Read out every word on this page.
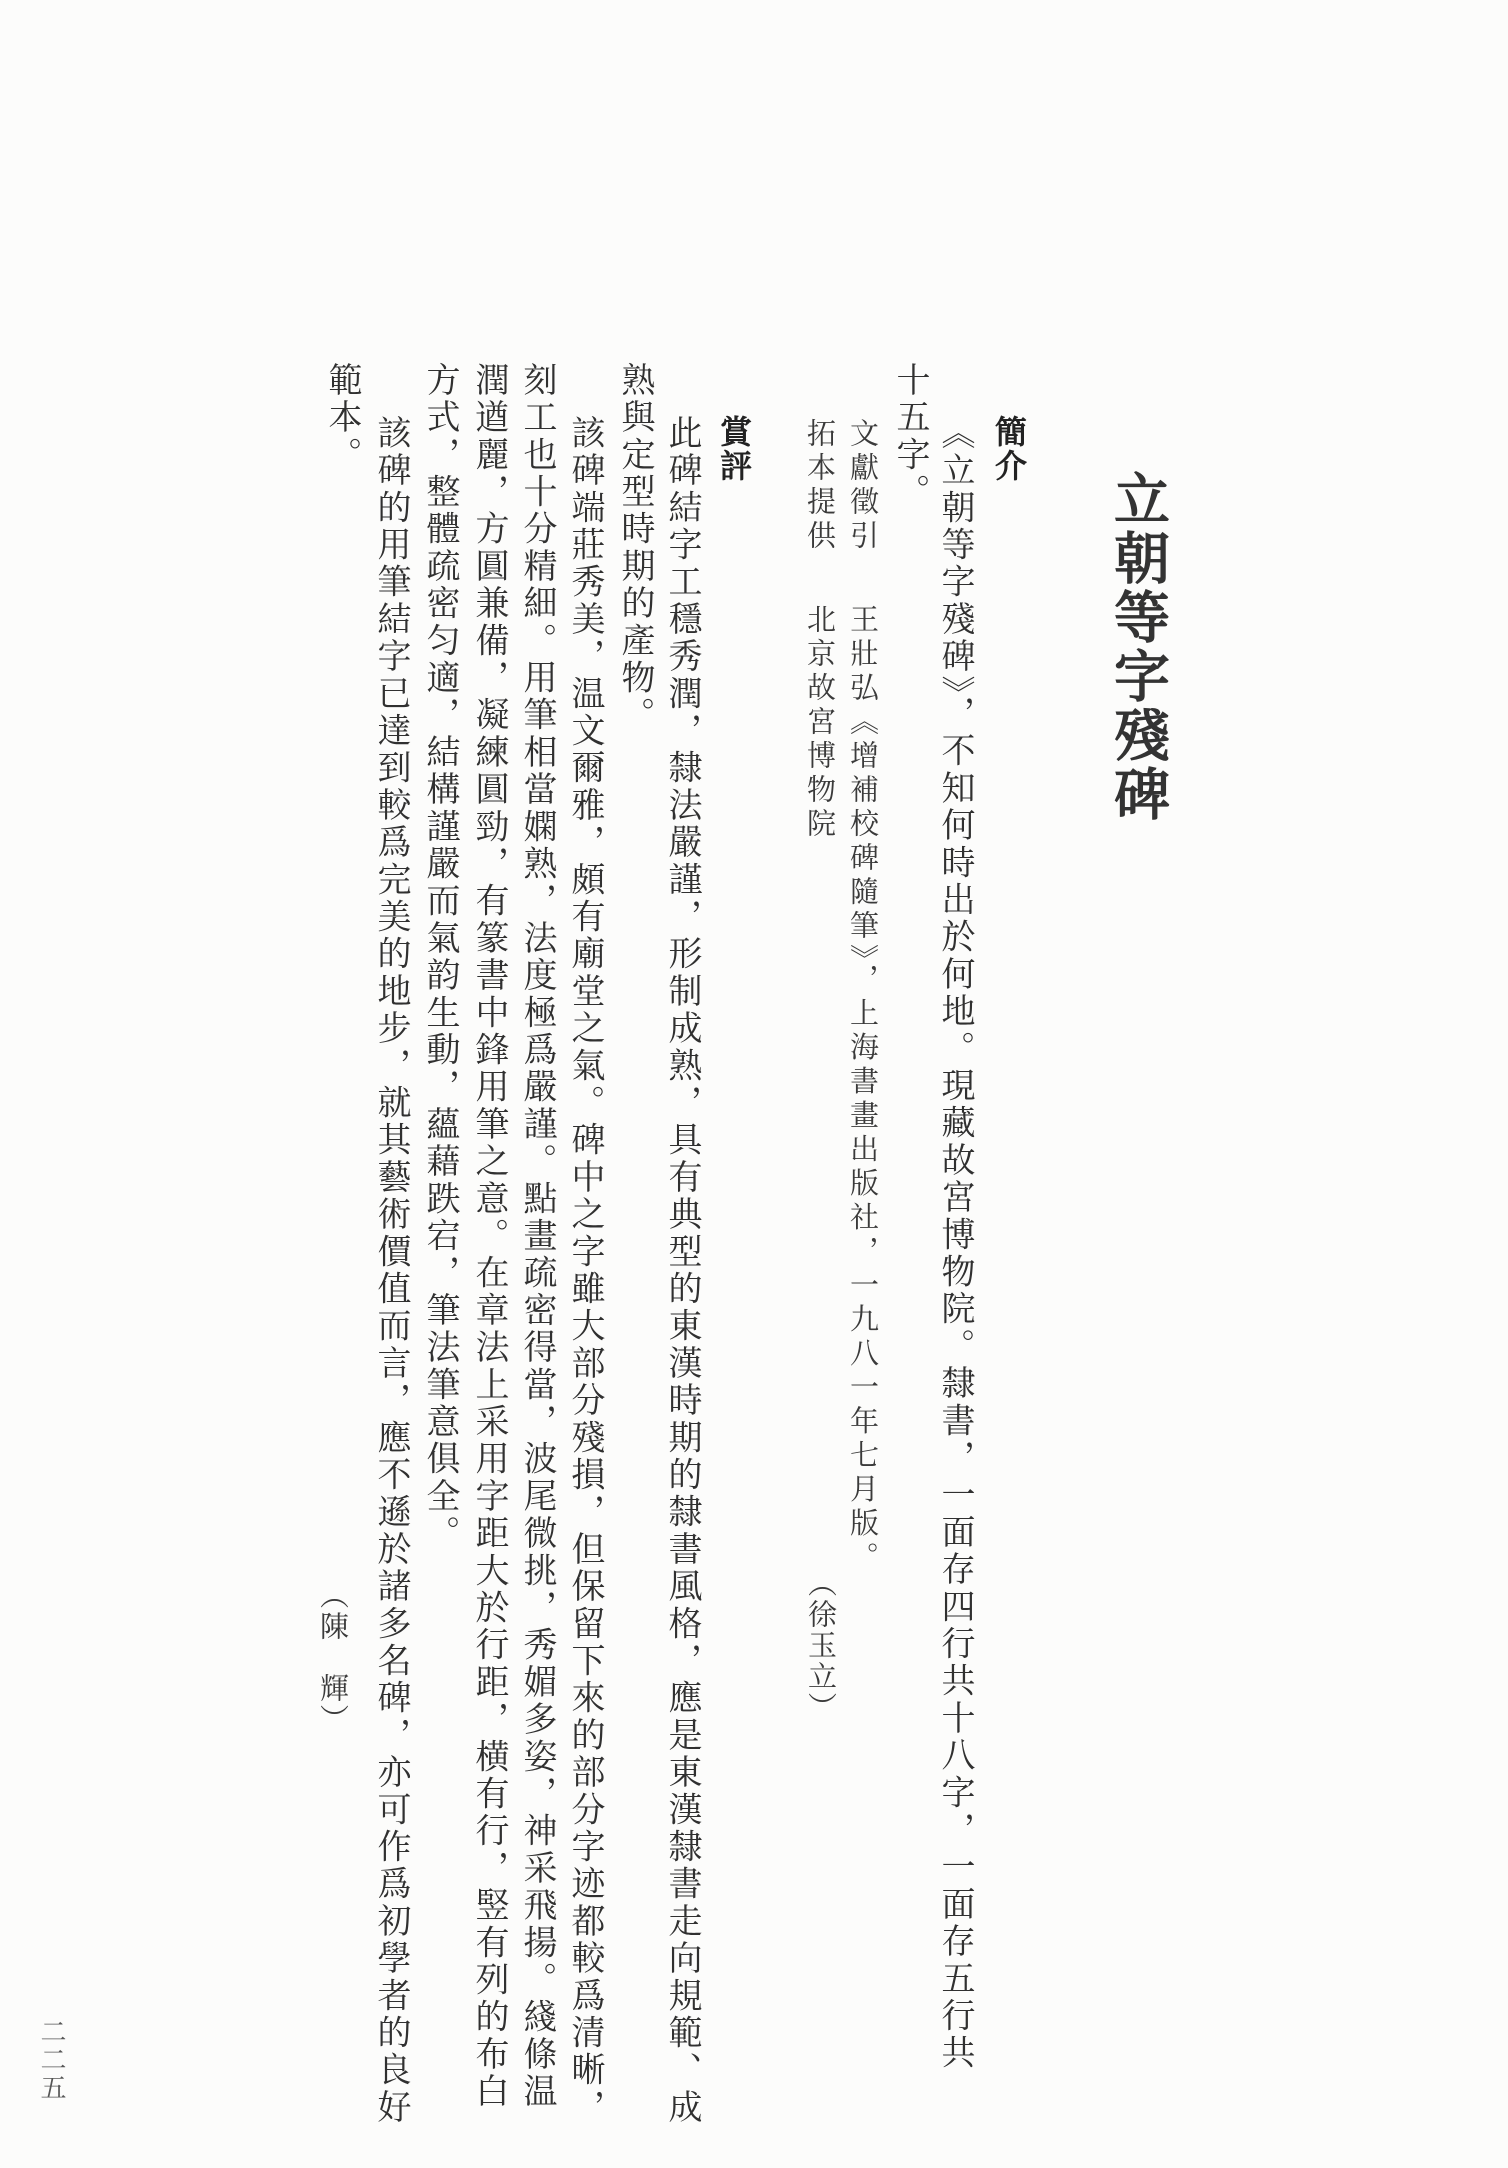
立朝等字殘碑
簡介
《立朝等字殘碑》，不知何時出於何地。現藏故宮博物院。隸書，一面存四行共十八字，一面存五行共
十五字。
文獻徵引王壯弘《增補校碑隨筆》，上海書畫出版社，一九八一年七月版。
拓本提供北京故宮博物院
（徐玉立）
賞評
此碑結字工穩秀潤，隸法嚴謹，形制成熟，具有典型的東漢時期的隸書風格，應是東漢隸書走向規範、成
熟與定型時期的產物。
該碑端莊秀美，温文爾雅，頗有廟堂之氣。碑中之字雖大部分殘損，但保留下來的部分字迹都較爲清晰，
刻工也十分精細。用筆相當嫻熟，法度極爲嚴謹。點畫疏密得當，波尾微挑，秀媚多姿，神采飛揚。綫條温
潤遒麗，方圓兼備，凝練圓勁，有篆書中鋒用筆之意。在章法上采用字距大於行距，横有行，竪有列的布白
方式，整體疏密匀適，結構謹嚴而氣韵生動，蘊藉跌宕，筆法筆意俱全。
該碑的用筆結字已達到較爲完美的地步，就其藝術價值而言，應不遜於諸多名碑，亦可作爲初學者的良好
範本。
（陳　輝）
二二五
